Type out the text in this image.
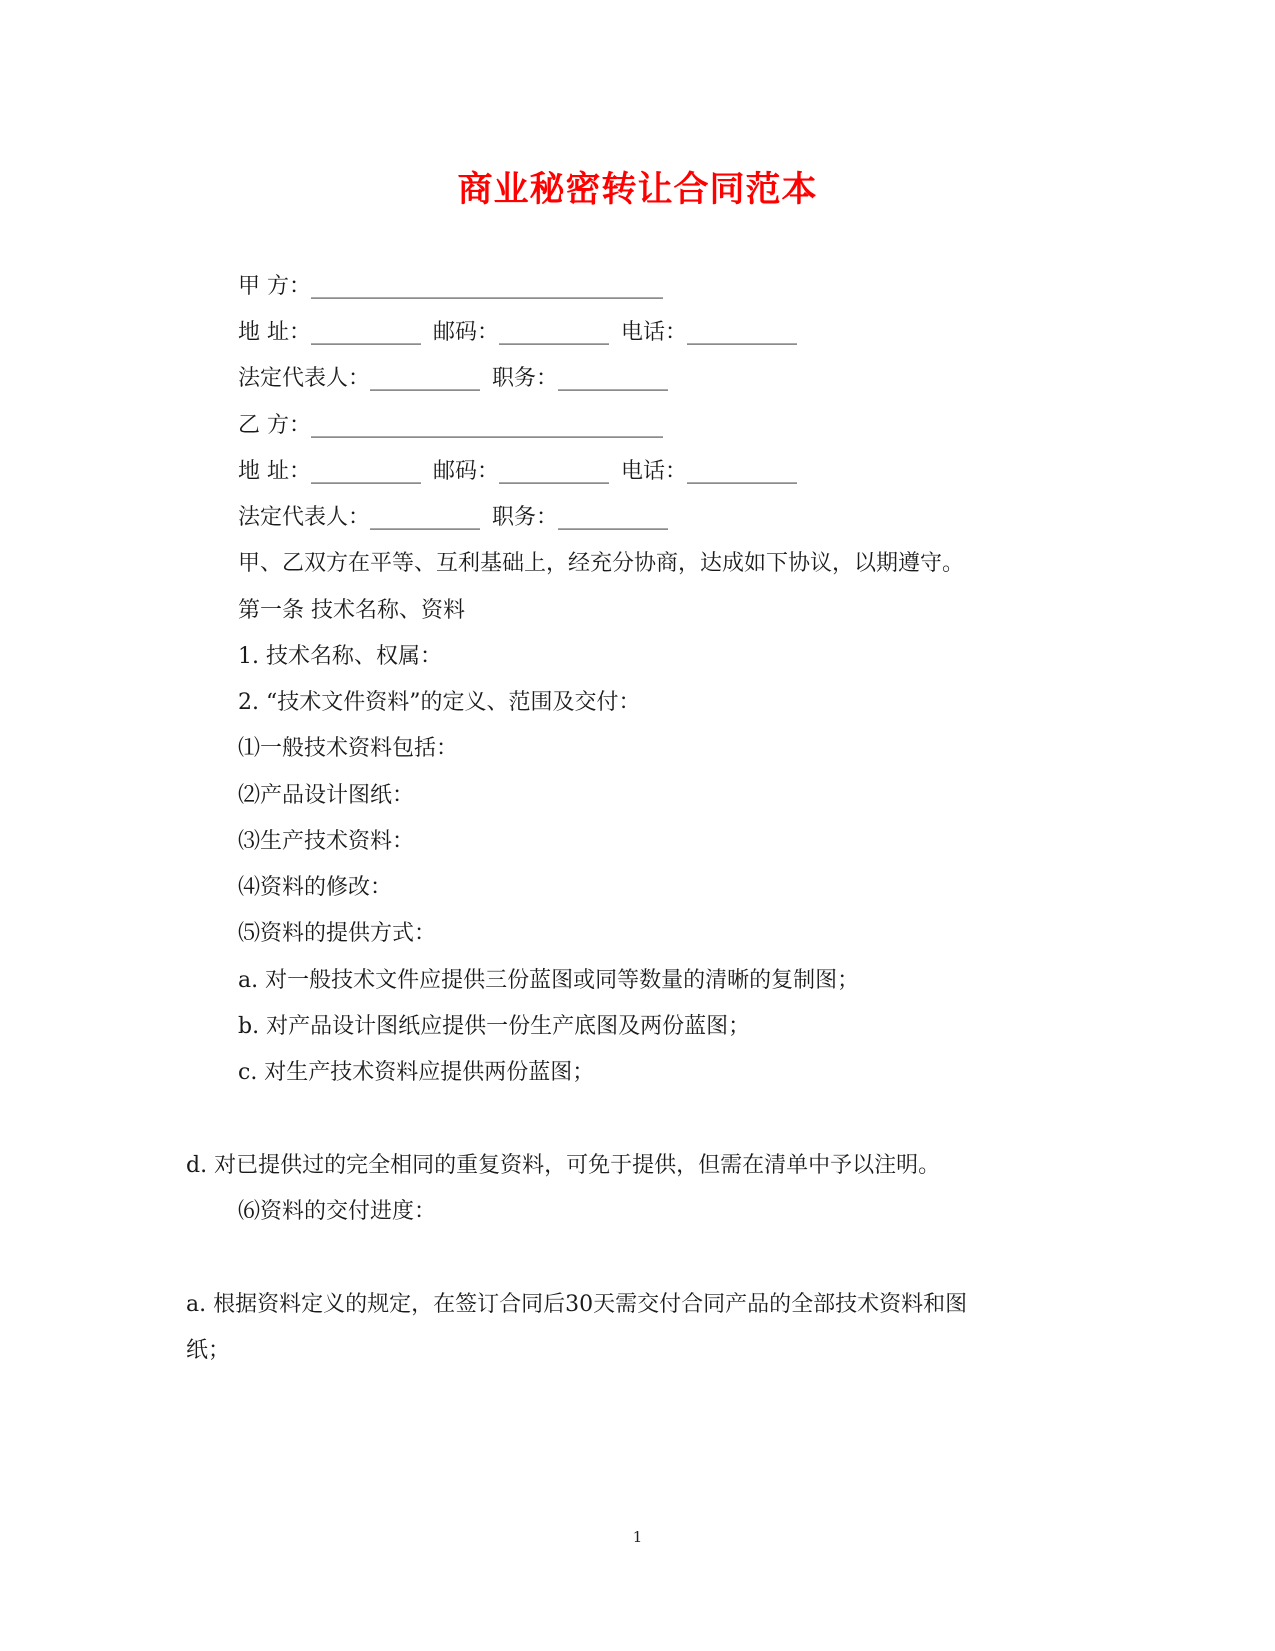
商业秘密转让合同范本
甲 方：________________________________
地 址：__________ 邮码：__________ 电话：__________
法定代表人：__________ 职务：__________
乙 方：________________________________
地 址：__________ 邮码：__________ 电话：__________
法定代表人：__________ 职务：__________
甲、乙双方在平等、互利基础上，经充分协商，达成如下协议，以期遵守。
第一条 技术名称、资料
1. 技术名称、权属：
2. “技术文件资料”的定义、范围及交付：
⑴一般技术资料包括：
⑵产品设计图纸：
⑶生产技术资料：
⑷资料的修改：
⑸资料的提供方式：
a. 对一般技术文件应提供三份蓝图或同等数量的清晰的复制图；
b. 对产品设计图纸应提供一份生产底图及两份蓝图；
c. 对生产技术资料应提供两份蓝图；
d. 对已提供过的完全相同的重复资料，可免于提供，但需在清单中予以注明。
⑹资料的交付进度：
a. 根据资料定义的规定，在签订合同后30天需交付合同产品的全部技术资料和图
纸；
1
